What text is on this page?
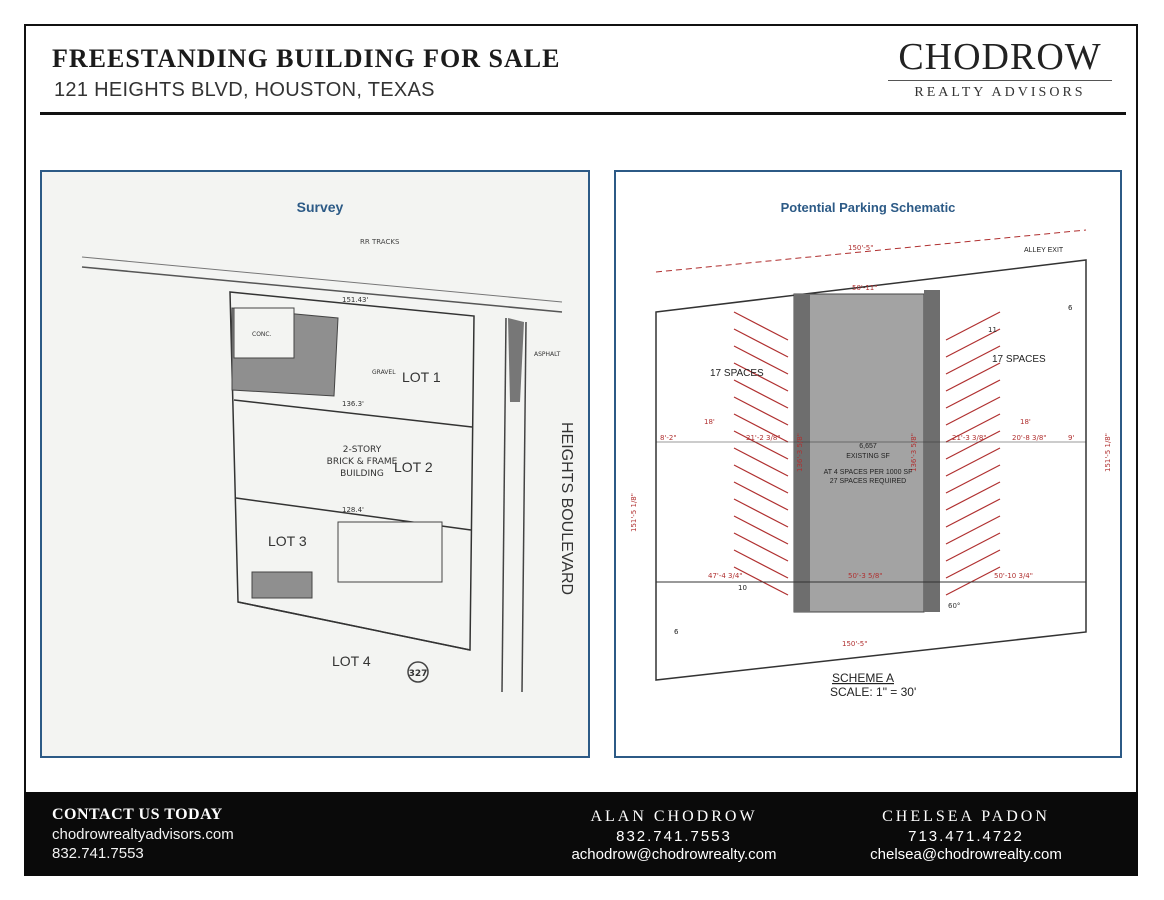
FREESTANDING BUILDING FOR SALE
121 HEIGHTS BLVD, HOUSTON, TEXAS
CHODROW
REALTY ADVISORS
Survey
RR TRACKS
HEIGHTS BOULEVARD
LOT 1
LOT 2
LOT 3
LOT 4
2-STORY
BRICK & FRAME
BUILDING
GRAVEL
CONC.
ASPHALT
151.43'
136.3'
128.4'
327
Potential Parking Schematic
150'-5"
50'-11"
150'-5"
50'-3 5/8"
47'-4 3/4"	50'-10 3/4"
151'-5 1/8"
151'-5 1/8"
18'	18'
21'-2 3/8"	21'-3 3/8"	20'-8 3/8"
8'-2"	9'
136'-3 5/8"	136'-3 5/8"
60°
17 SPACES
17 SPACES
ALLEY EXIT
6
6
10
11
6,657
EXISTING SF
AT 4 SPACES PER 1000 SF
27 SPACES REQUIRED
SCHEME A
SCALE: 1" = 30'
CONTACT US TODAY
chodrowrealtyadvisors.com
832.741.7553
ALAN CHODROW
832.741.7553
achodrow@chodrowrealty.com
CHELSEA PADON
713.471.4722
chelsea@chodrowrealty.com
